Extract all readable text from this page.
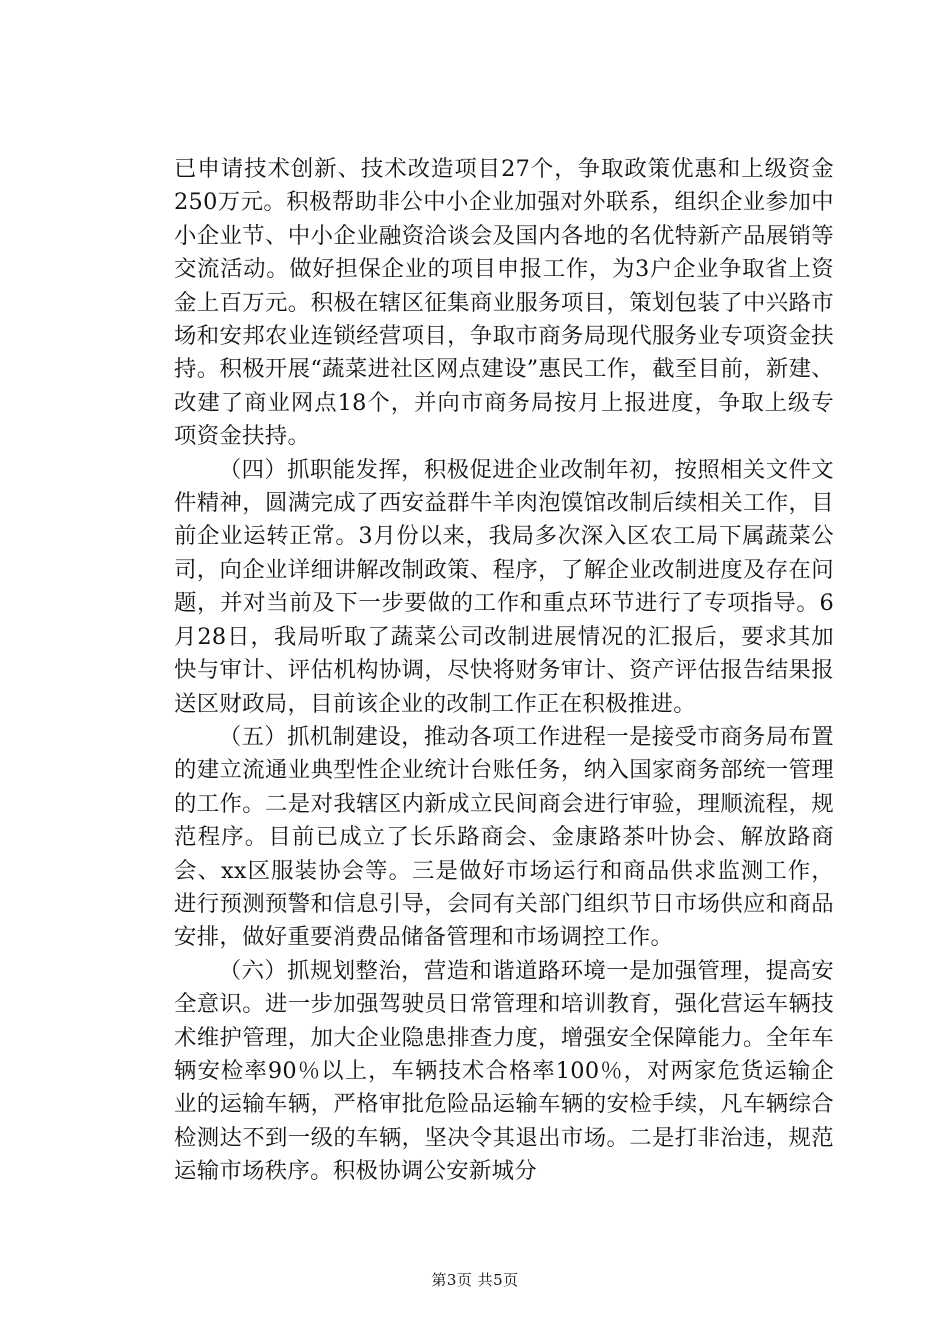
已申请技术创新、技术改造项目27个，争取政策优惠和上级资金250万元。积极帮助非公中小企业加强对外联系，组织企业参加中小企业节、中小企业融资洽谈会及国内各地的名优特新产品展销等交流活动。做好担保企业的项目申报工作，为3户企业争取省上资金上百万元。积极在辖区征集商业服务项目，策划包装了中兴路市场和安邦农业连锁经营项目，争取市商务局现代服务业专项资金扶持。积极开展“蔬菜进社区网点建设”惠民工作，截至目前，新建、改建了商业网点18个，并向市商务局按月上报进度，争取上级专项资金扶持。

（四）抓职能发挥，积极促进企业改制年初，按照相关文件文件精神，圆满完成了西安益群牛羊肉泡馍馆改制后续相关工作，目前企业运转正常。3月份以来，我局多次深入区农工局下属蔬菜公司，向企业详细讲解改制政策、程序，了解企业改制进度及存在问题，并对当前及下一步要做的工作和重点环节进行了专项指导。6月28日，我局听取了蔬菜公司改制进展情况的汇报后，要求其加快与审计、评估机构协调，尽快将财务审计、资产评估报告结果报送区财政局，目前该企业的改制工作正在积极推进。

（五）抓机制建设，推动各项工作进程一是接受市商务局布置的建立流通业典型性企业统计台账任务，纳入国家商务部统一管理的工作。二是对我辖区内新成立民间商会进行审验，理顺流程，规范程序。目前已成立了长乐路商会、金康路茶叶协会、解放路商会、xx区服装协会等。三是做好市场运行和商品供求监测工作，进行预测预警和信息引导，会同有关部门组织节日市场供应和商品安排，做好重要消费品储备管理和市场调控工作。

（六）抓规划整治，营造和谐道路环境一是加强管理，提高安全意识。进一步加强驾驶员日常管理和培训教育，强化营运车辆技术维护管理，加大企业隐患排查力度，增强安全保障能力。全年车辆安检率90％以上，车辆技术合格率100％，对两家危货运输企业的运输车辆，严格审批危险品运输车辆的安检手续，凡车辆综合检测达不到一级的车辆，坚决令其退出市场。二是打非治违，规范运输市场秩序。积极协调公安新城分

第3页 共5页
